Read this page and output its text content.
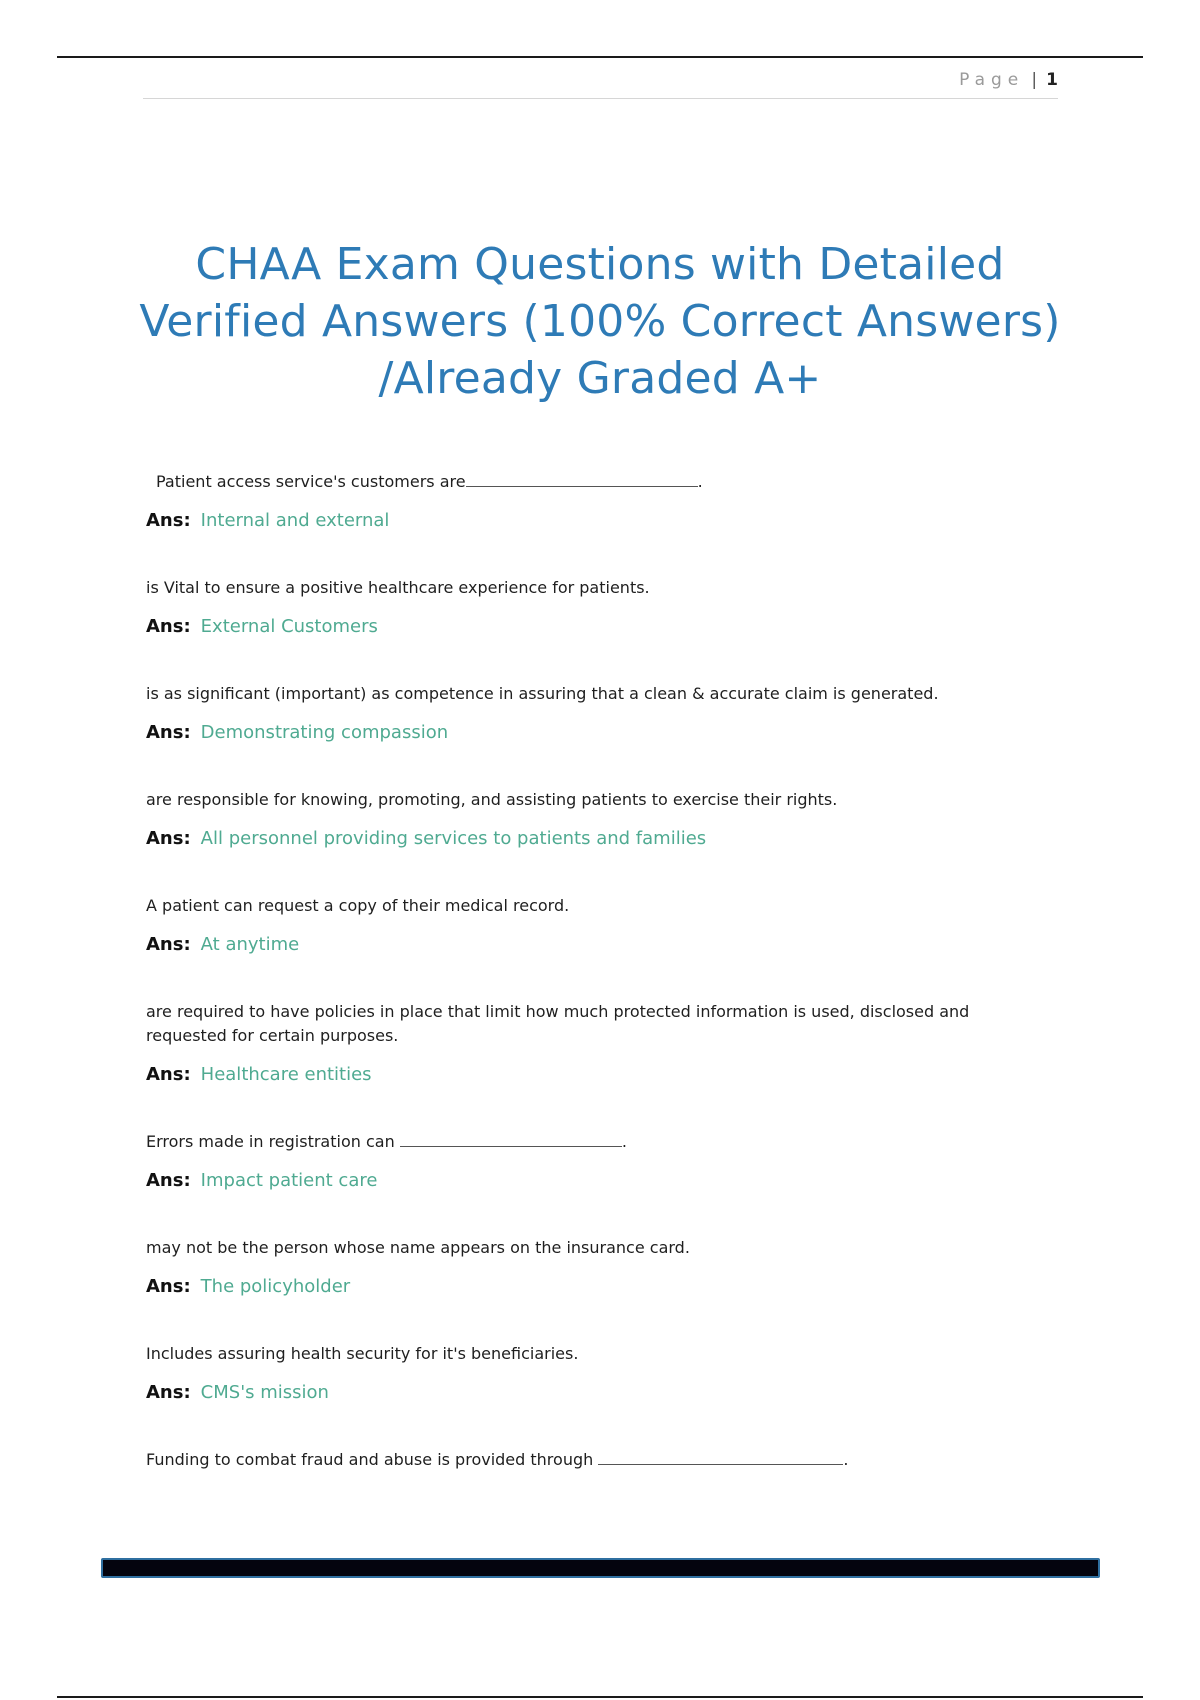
Page | 1
CHAA Exam Questions with Detailed
Verified Answers (100% Correct Answers)
/Already Graded A+

Patient access service's customers are	.

Ans: Internal and external

is Vital to ensure a positive healthcare experience for patients.

Ans: External Customers

is as significant (important) as competence in assuring that a clean & accurate claim is generated.

Ans: Demonstrating compassion

are responsible for knowing, promoting, and assisting patients to exercise their rights.

Ans: All personnel providing services to patients and families

A patient can request a copy of their medical record.

Ans: At anytime

are required to have policies in place that limit how much protected information is used, disclosed and requested for certain purposes.

Ans: Healthcare entities

Errors made in registration can	.

Ans: Impact patient care

may not be the person whose name appears on the insurance card.

Ans: The policyholder

Includes assuring health security for it's beneficiaries.

Ans: CMS's mission

Funding to combat fraud and abuse is provided through	.
